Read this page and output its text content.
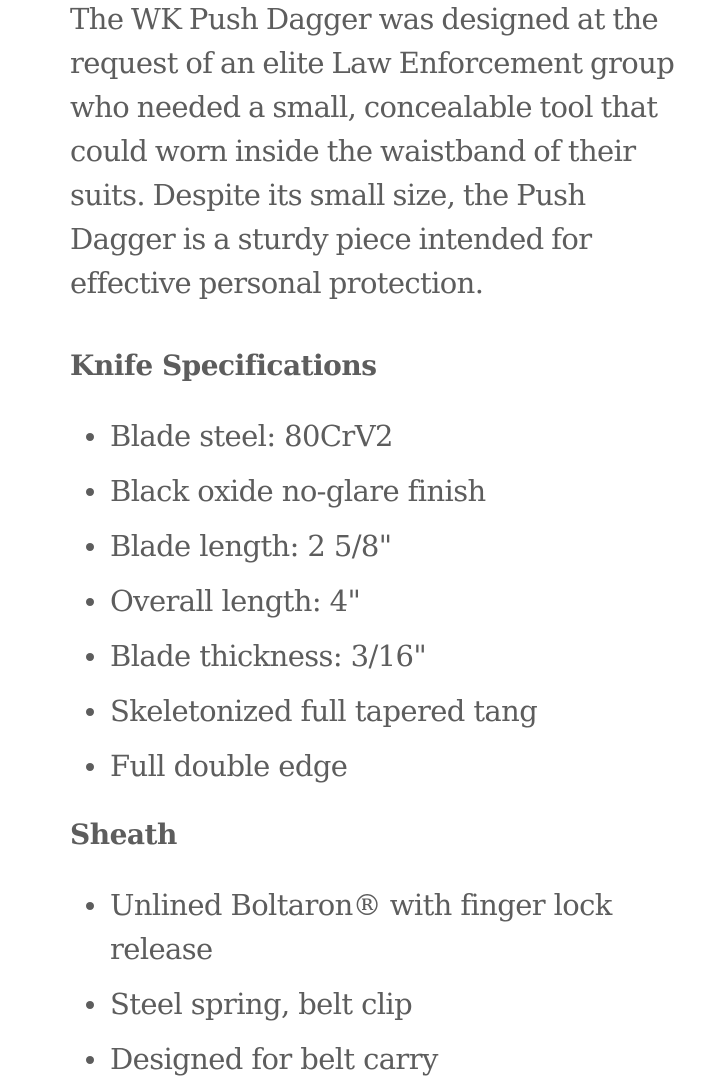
The WK Push Dagger was designed at the request of an elite Law Enforcement group who needed a small, concealable tool that could worn inside the waistband of their suits. Despite its small size, the Push Dagger is a sturdy piece intended for effective personal protection.

Knife Specifications
Blade steel: 80CrV2
Black oxide no-glare finish
Blade length: 2 5/8"
Overall length: 4"
Blade thickness: 3/16"
Skeletonized full tapered tang
Full double edge
Sheath
Unlined Boltaron® with finger lock release
Steel spring, belt clip
Designed for belt carry
